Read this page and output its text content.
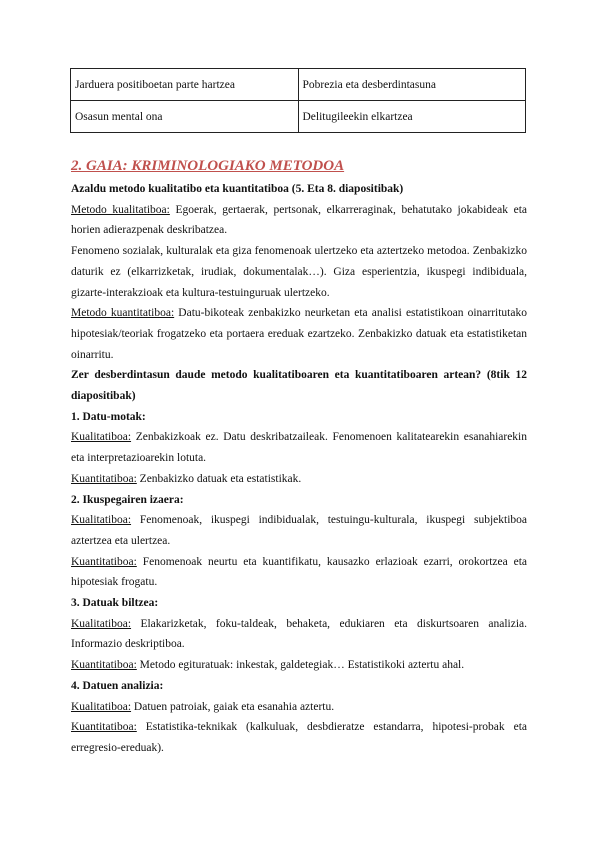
Jarduera positiboetan parte hartzea	Pobrezia eta desberdintasuna
Osasun mental ona	Delitugileekin elkartzea
2. GAIA: KRIMINOLOGIAKO METODOA

Azaldu metodo kualitatibo eta kuantitatiboa (5. Eta 8. diapositibak)

Metodo kualitatiboa: Egoerak, gertaerak, pertsonak, elkarreraginak, behatutako jokabideak eta horien adierazpenak deskribatzea.

Fenomeno sozialak, kulturalak eta giza fenomenoak ulertzeko eta aztertzeko metodoa. Zenbakizko daturik ez (elkarrizketak, irudiak, dokumentalak…). Giza esperientzia, ikuspegi indibiduala, gizarte-interakzioak eta kultura-testuinguruak ulertzeko.

Metodo kuantitatiboa: Datu-bikoteak zenbakizko neurketan eta analisi estatistikoan oinarritutako hipotesiak/teoriak frogatzeko eta portaera ereduak ezartzeko. Zenbakizko datuak eta estatistiketan oinarritu.

Zer desberdintasun daude metodo kualitatiboaren eta kuantitatiboaren artean? (8tik 12 diapositibak)

1. Datu-motak:

Kualitatiboa: Zenbakizkoak ez. Datu deskribatzaileak. Fenomenoen kalitatearekin esanahiarekin eta interpretazioarekin lotuta.

Kuantitatiboa: Zenbakizko datuak eta estatistikak.

2. Ikuspegairen izaera:

Kualitatiboa: Fenomenoak, ikuspegi indibidualak, testuingu-kulturala, ikuspegi subjektiboa aztertzea eta ulertzea.

Kuantitatiboa: Fenomenoak neurtu eta kuantifikatu, kausazko erlazioak ezarri, orokortzea eta hipotesiak frogatu.

3. Datuak biltzea:

Kualitatiboa: Elakarizketak, foku-taldeak, behaketa, edukiaren eta diskurtsoaren analizia. Informazio deskriptiboa.

Kuantitatiboa: Metodo egituratuak: inkestak, galdetegiak… Estatistikoki aztertu ahal.

4. Datuen analizia:

Kualitatiboa: Datuen patroiak, gaiak eta esanahia aztertu.

Kuantitatiboa: Estatistika-teknikak (kalkuluak, desbdieratze estandarra, hipotesi-probak eta erregresio-ereduak).
